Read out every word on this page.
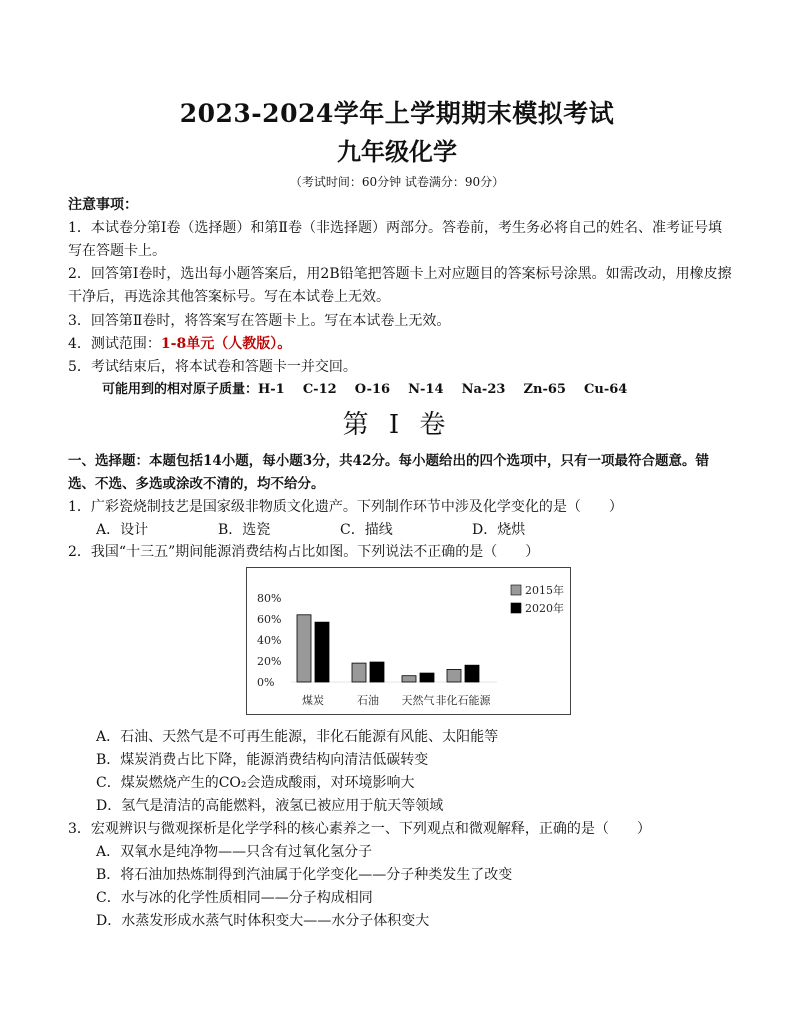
2023-2024学年上学期期末模拟考试
九年级化学
（考试时间：60分钟 试卷满分：90分）
注意事项：
1．本试卷分第Ⅰ卷（选择题）和第Ⅱ卷（非选择题）两部分。答卷前，考生务必将自己的姓名、准考证号填
写在答题卡上。
2．回答第Ⅰ卷时，选出每小题答案后，用2B铅笔把答题卡上对应题目的答案标号涂黑。如需改动，用橡皮擦
干净后，再选涂其他答案标号。写在本试卷上无效。
3．回答第Ⅱ卷时，将答案写在答题卡上。写在本试卷上无效。
4．测试范围：1-8单元（人教版）。
5．考试结束后，将本试卷和答题卡一并交回。
可能用到的相对原子质量：H-1    C-12    O-16    N-14    Na-23    Zn-65    Cu-64
第 I 卷
一、选择题：本题包括14小题，每小题3分，共42分。每小题给出的四个选项中，只有一项最符合题意。错
选、不选、多选或涂改不清的，均不给分。
1．广彩瓷烧制技艺是国家级非物质文化遗产。下列制作环节中涉及化学变化的是（　　）
A．设计	B．选瓷	C．描线	D．烧烘
2．我国“十三五”期间能源消费结构占比如图。下列说法不正确的是（　　）
0%
20%
40%
60%
80%
煤炭	石油 天然气 非化石能源
2015年
2020年
A．石油、天然气是不可再生能源，非化石能源有风能、太阳能等
B．煤炭消费占比下降，能源消费结构向清洁低碳转变
C．煤炭燃烧产生的CO₂会造成酸雨，对环境影响大
D．氢气是清洁的高能燃料，液氢已被应用于航天等领域
3．宏观辨识与微观探析是化学学科的核心素养之一、下列观点和微观解释，正确的是（　　）
A．双氧水是纯净物——只含有过氧化氢分子
B．将石油加热炼制得到汽油属于化学变化——分子种类发生了改变
C．水与冰的化学性质相同——分子构成相同
D．水蒸发形成水蒸气时体积变大——水分子体积变大
